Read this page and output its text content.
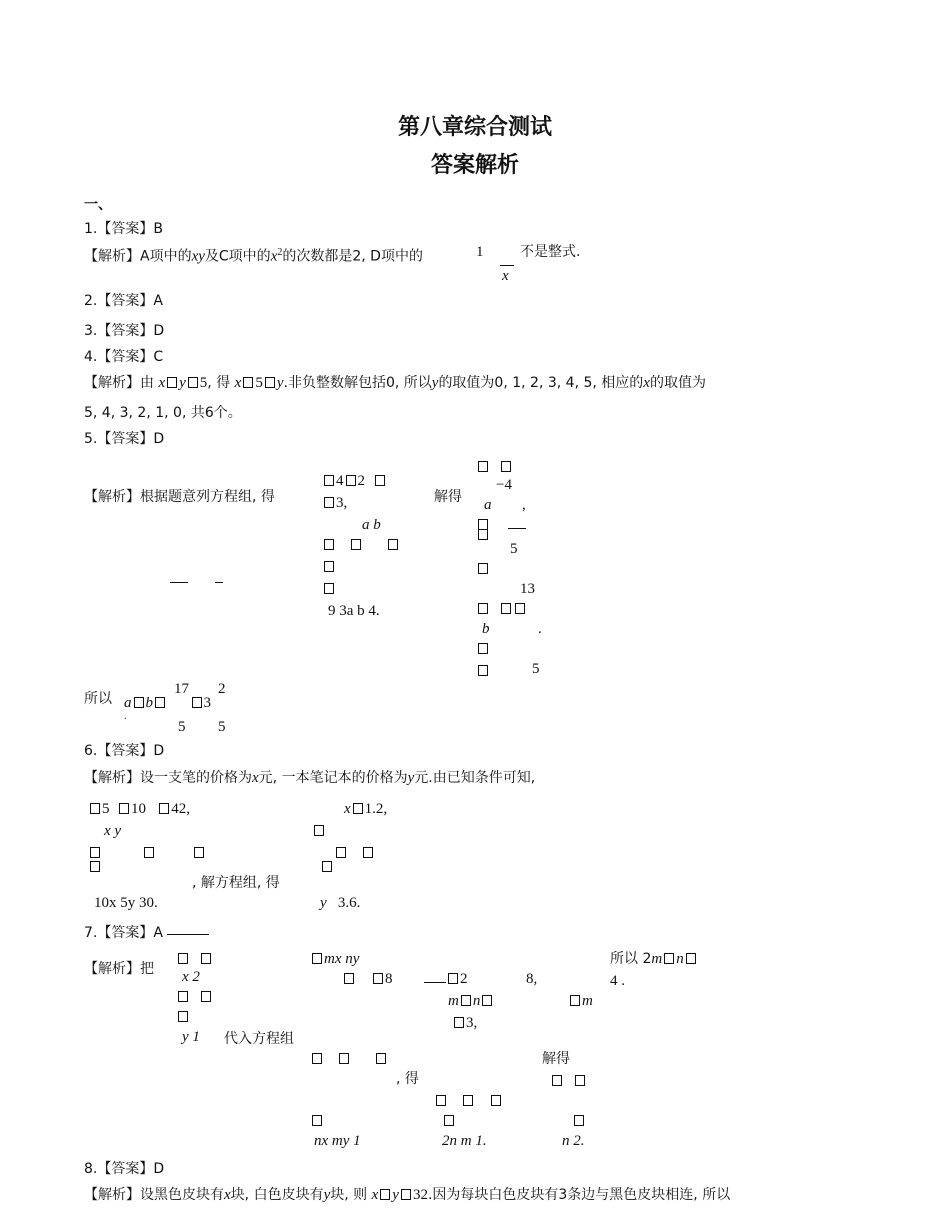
第八章综合测试
答案解析
一、
1.【答案】B
【解析】A项中的xy及C项中的$x^2$的次数都是2, D项中的	1
x
不是整式.
2.【答案】A
3.【答案】D
4.【答案】C
【解析】由 x y 5, 得 x 5 y.非负整数解包括0, 所以y的取值为0, 1, 2, 3, 4, 5, 相应的x的取值为
5, 4, 3, 2, 1, 0, 共6个。
5.【答案】D
【解析】根据题意列方程组, 得	解得
4 2
3,
a b

9 3a b 4.

−4
a ,

5
13

b	.
5
所以
17 2
a b	3
.
5 5
6.【答案】D
【解析】设一支笔的价格为x元, 一本笔记本的价格为y元.由已知条件可知,
5 10 42,
x y

, 解方程组, 得
10x 5y 30.
x 1.2,

y 3.6.
7.【答案】A
【解析】把
x 2

y 1 代入方程组
mx ny
8

, 得
nx my 1
2	8,
m n
3,

2n m 1.
解得

m
n 2.
所以 2m n
4 .
8.【答案】D
【解析】设黑色皮块有x块, 白色皮块有y块, 则 x y 32.因为每块白色皮块有3条边与黑色皮块相连, 所以
